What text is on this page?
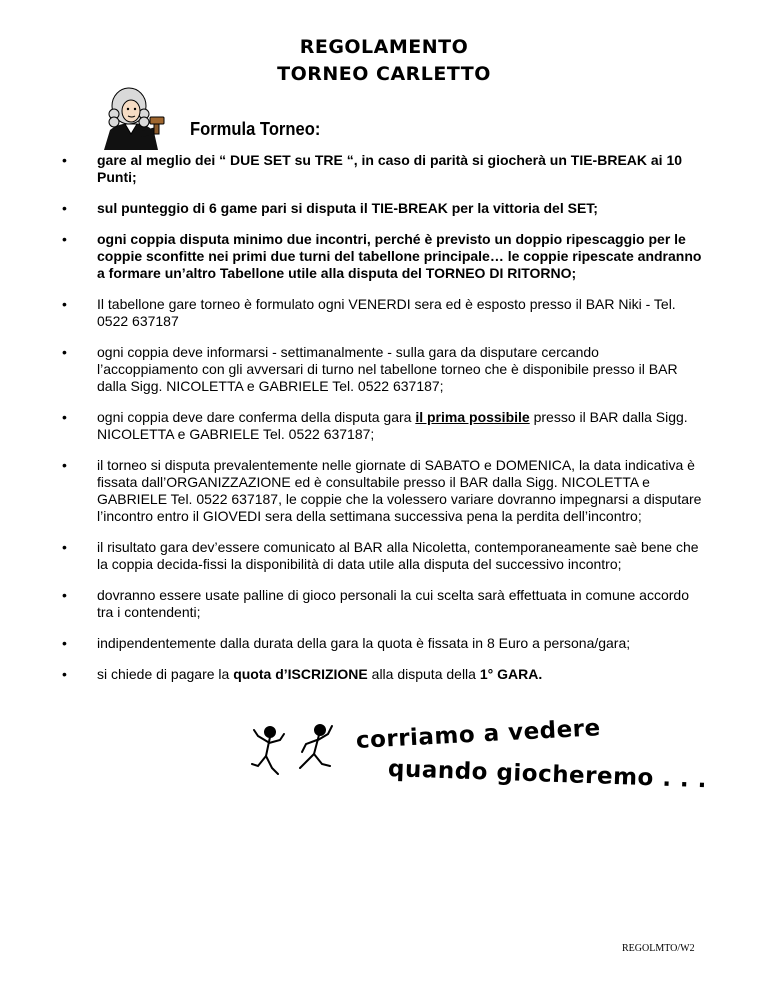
REGOLAMENTO
TORNEO CARLETTO
Formula Torneo:
• gare al meglio dei “ DUE SET su TRE “, in caso di parità si giocherà un TIE-BREAK ai 10 Punti;
• sul punteggio di 6 game pari si disputa il TIE-BREAK per la vittoria del SET;
• ogni coppia disputa minimo due incontri, perché è previsto un doppio ripescaggio per le coppie sconfitte nei primi due turni del tabellone principale… le coppie ripescate andranno a formare un’altro Tabellone utile alla disputa del TORNEO DI RITORNO;
• Il tabellone gare torneo è formulato ogni VENERDI sera ed è esposto presso il BAR Niki - Tel. 0522 637187
• ogni coppia deve informarsi - settimanalmente - sulla gara da disputare cercando l’accoppiamento con gli avversari di turno nel tabellone torneo che è disponibile presso il BAR dalla Sigg. NICOLETTA e GABRIELE Tel. 0522 637187;
• ogni coppia deve dare conferma della disputa gara il prima possibile presso il BAR dalla Sigg. NICOLETTA e GABRIELE Tel. 0522 637187;
• il torneo si disputa prevalentemente nelle giornate di SABATO e DOMENICA, la data indicativa è fissata dall’ORGANIZZAZIONE ed è consultabile presso il BAR dalla Sigg. NICOLETTA e GABRIELE Tel. 0522 637187, le coppie che la volessero variare dovranno impegnarsi a disputare l’incontro entro il GIOVEDI sera della settimana successiva pena la perdita dell’incontro;
• il risultato gara dev’essere comunicato al BAR alla Nicoletta, contemporaneamente saè bene che la coppia decida-fissi la disponibilità di data utile alla disputa del successivo incontro;
• dovranno essere usate palline di gioco personali la cui scelta sarà effettuata in comune accordo tra i contendenti;
• indipendentemente dalla durata della gara la quota è fissata in 8 Euro a persona/gara;
• si chiede di pagare la quota d’ISCRIZIONE alla disputa della 1° GARA.
corriamo a vedere
quando giocheremo . . .
REGOLMTO/W2
